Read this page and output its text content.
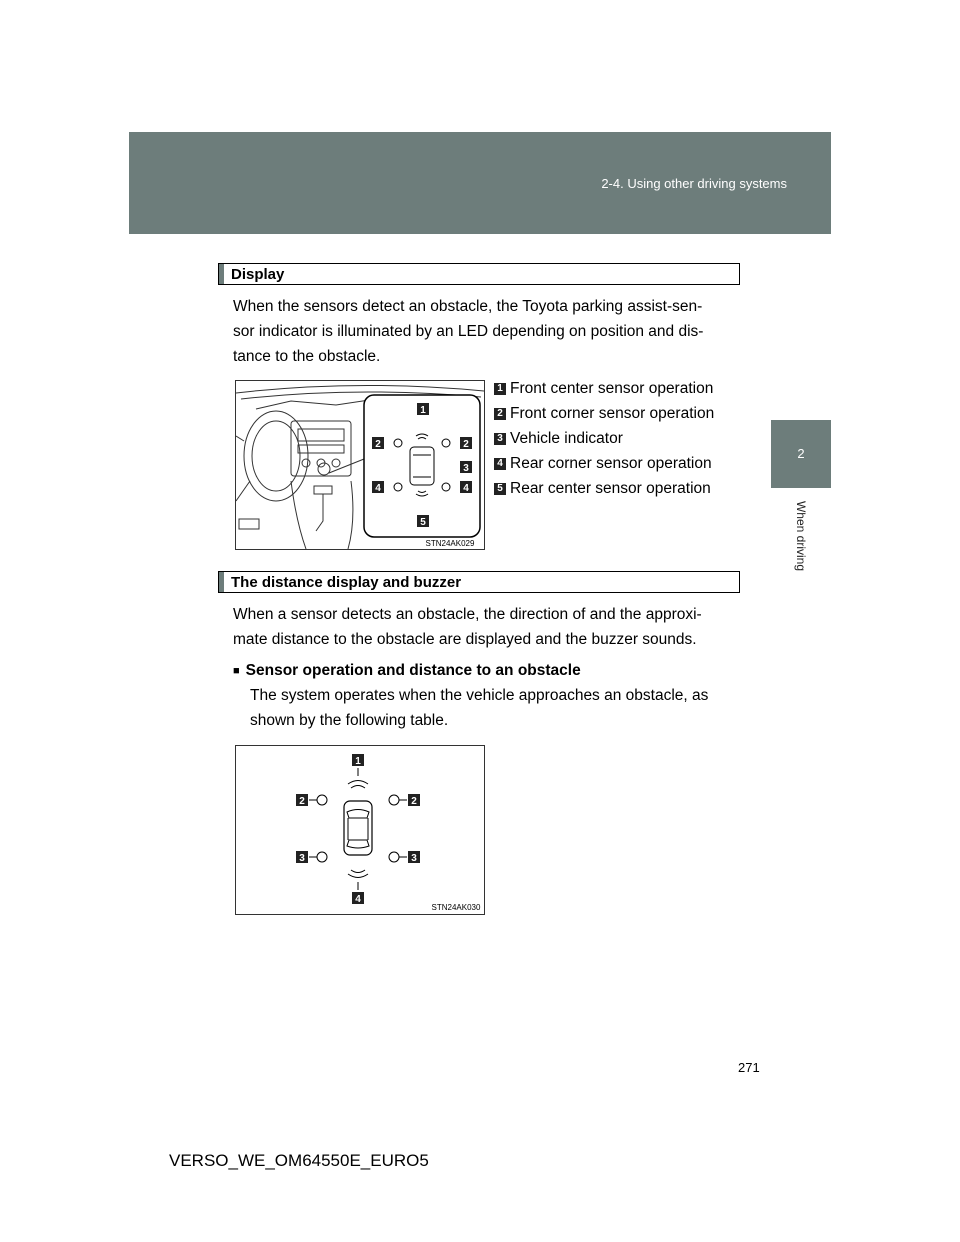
2-4. Using other driving systems
2
When driving
Display
When the sensors detect an obstacle, the Toyota parking assist-sen-
sor indicator is illuminated by an LED depending on position and dis-
tance to the obstacle.
1
2	2
3
4	4
5
STN24AK029
1 Front center sensor operation
2 Front corner sensor operation
3 Vehicle indicator
4 Rear corner sensor operation
5 Rear center sensor operation
The distance display and buzzer
When a sensor detects an obstacle, the direction of and the approxi-
mate distance to the obstacle are displayed and the buzzer sounds.
■ Sensor operation and distance to an obstacle
The system operates when the vehicle approaches an obstacle, as
shown by the following table.
1
2	2
3	3
4
STN24AK030
271
VERSO_WE_OM64550E_EURO5
